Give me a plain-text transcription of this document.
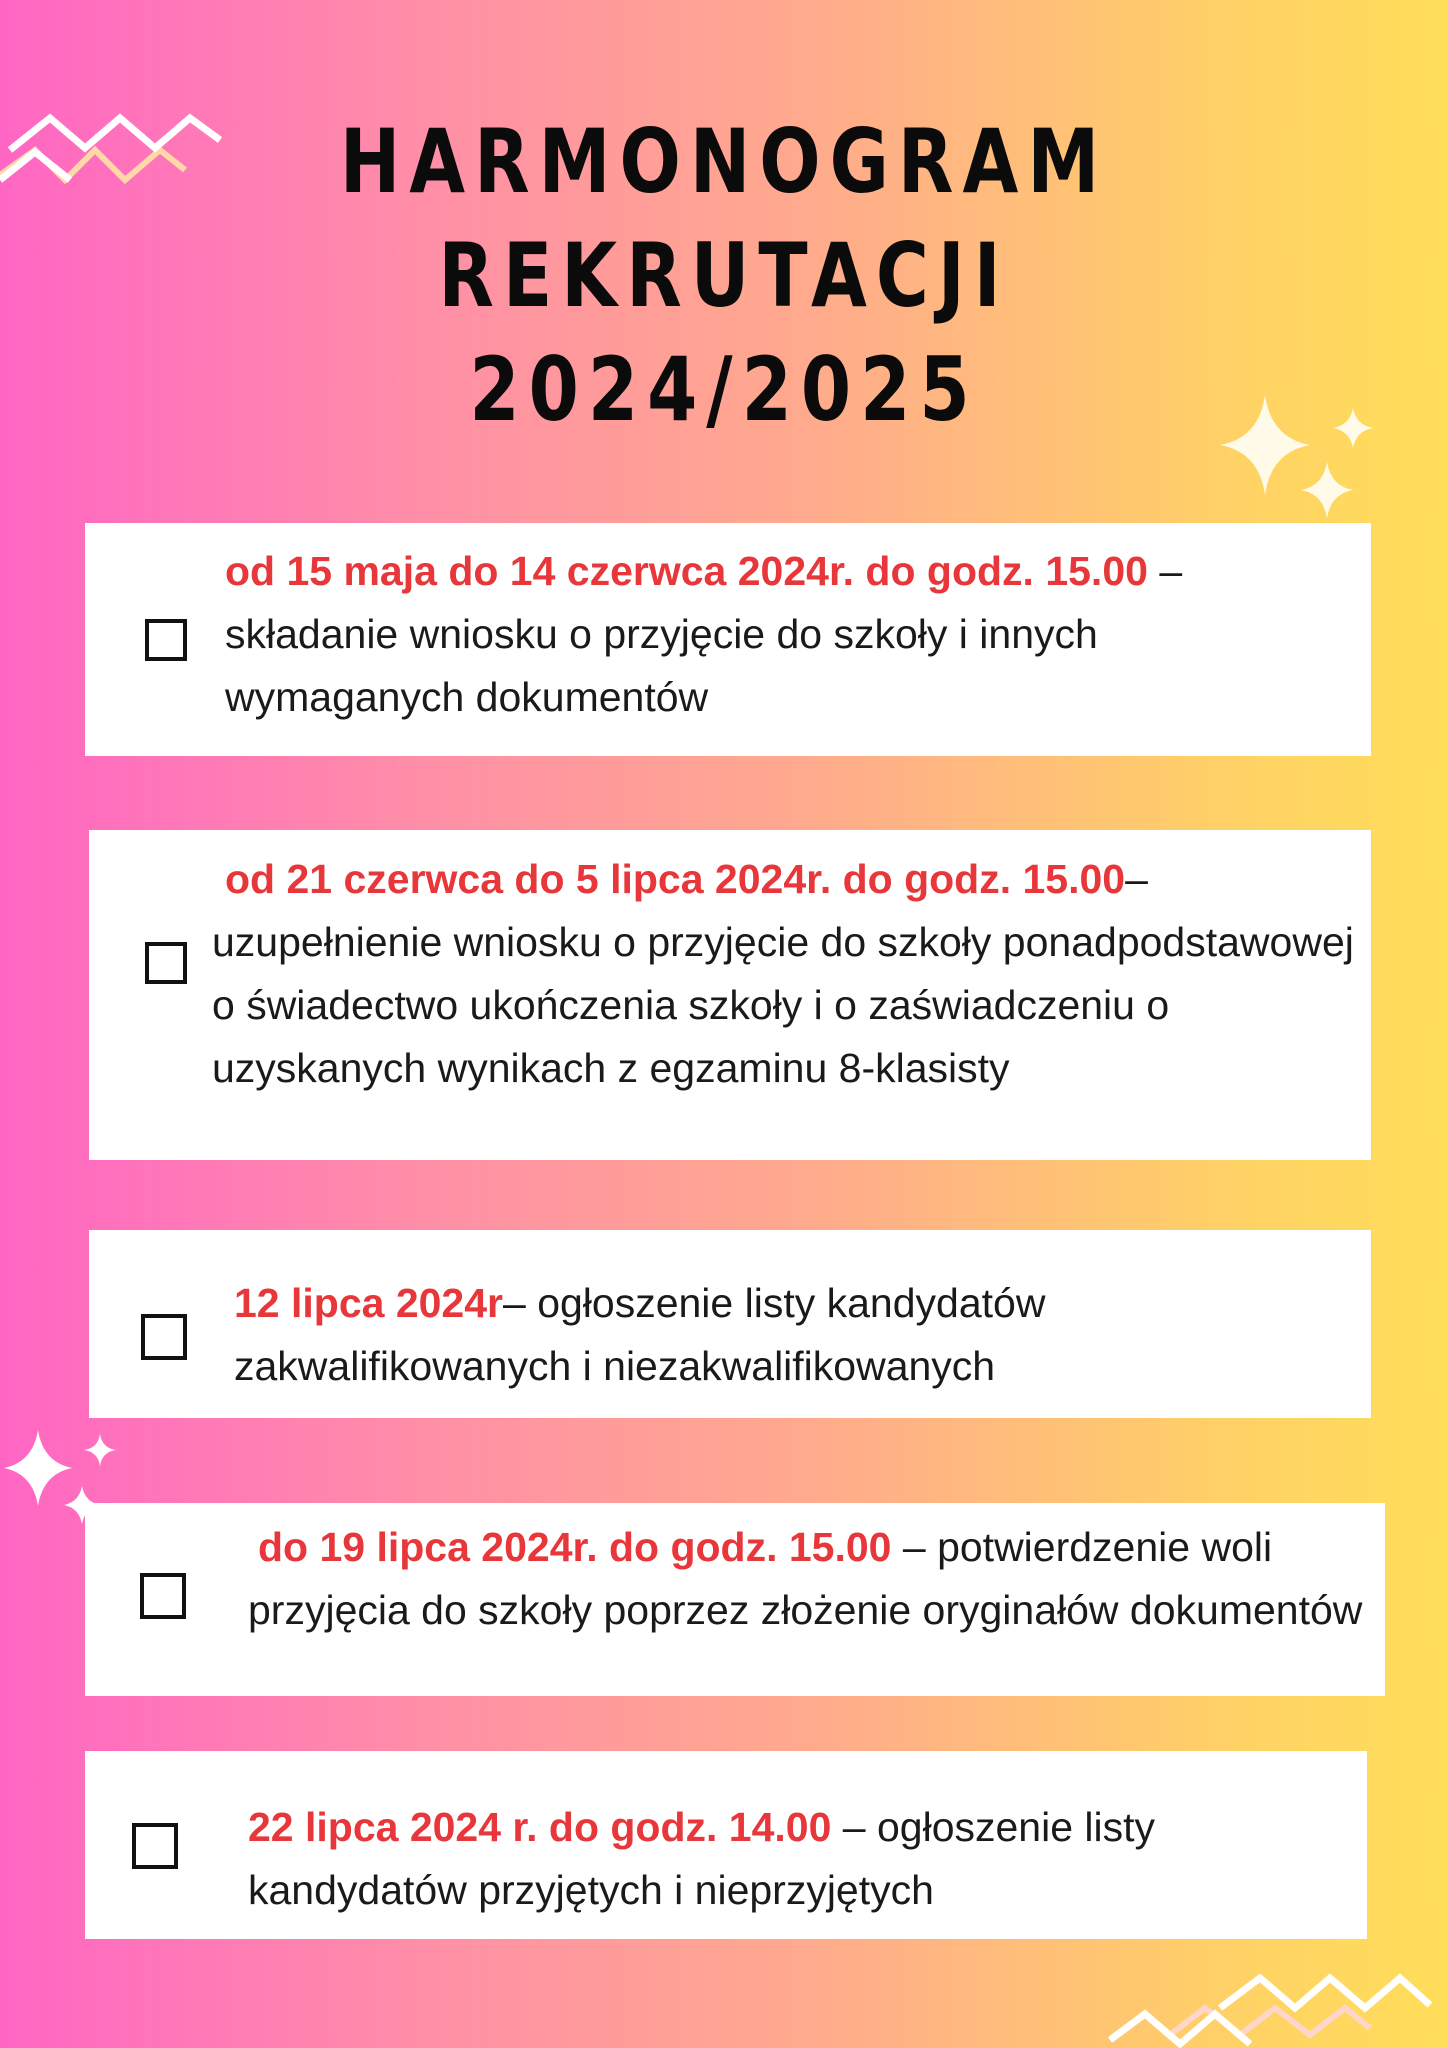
HARMONOGRAM
REKRUTACJI
2024/2025

od 15 maja do 14 czerwca 2024r. do godz. 15.00 –
składanie wniosku o przyjęcie do szkoły i innych wymaganych dokumentów

od 21 czerwca do 5 lipca 2024r. do godz. 15.00–
uzupełnienie wniosku o przyjęcie do szkoły ponadpodstawowej o świadectwo ukończenia szkoły i o zaświadczeniu o uzyskanych wynikach z egzaminu 8-klasisty

12 lipca 2024r– ogłoszenie listy kandydatów zakwalifikowanych i niezakwalifikowanych

do 19 lipca 2024r. do godz. 15.00 – potwierdzenie woli przyjęcia do szkoły poprzez złożenie oryginałów dokumentów

22 lipca 2024 r. do godz. 14.00 – ogłoszenie listy kandydatów przyjętych i nieprzyjętych
